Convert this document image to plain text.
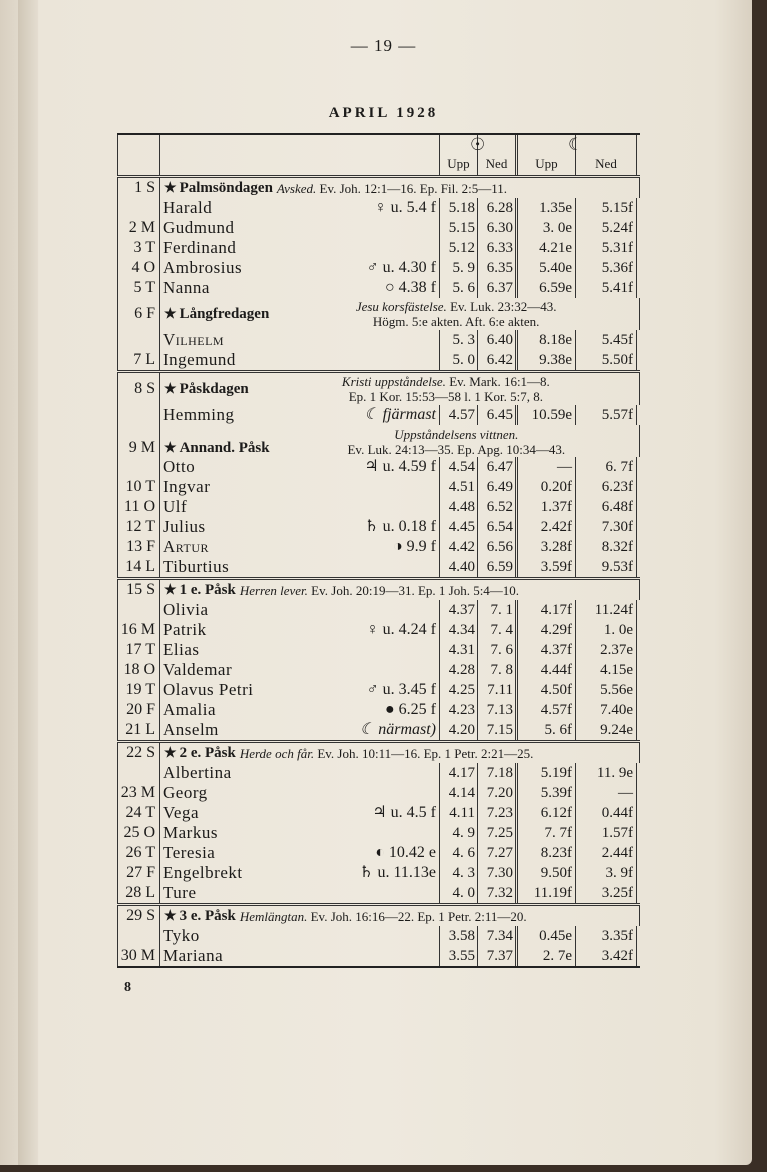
— 19 —
APRIL 1928
☉
Upp	Ned
☾
Upp	Ned
1 S ★ Palmsöndagen Avsked. Ev. Joh. 12:1—16. Ep. Fil. 2:5—11.
Harald	♀ u. 5.4 f 5.18 6.28	1.35e	5.15f
2 M Gudmund	5.15 6.30	3. 0e	5.24f
3 T Ferdinand	5.12 6.33	4.21e	5.31f
4 O Ambrosius	♂ u. 4.30 f	5. 9 6.35	5.40e	5.36f
5 T Nanna	○ 4.38 f	5. 6 6.37	6.59e	5.41f
6 F ★ Långfredagen	Jesu korsfästelse. Ev. Luk. 23:32—43.
Högm. 5:e akten. Aft. 6:e akten.
Vilhelm	5. 3 6.40	8.18e	5.45f
7 L Ingemund	5. 0 6.42	9.38e	5.50f
8 S ★ Påskdagen	Kristi uppståndelse. Ev. Mark. 16:1—8.
Ep. 1 Kor. 15:53—58 l. 1 Kor. 5:7, 8.
Hemming	☾ fjärmast 4.57 6.45	10.59e	5.57f
9 M ★ Annand. Påsk
Uppståndelsens vittnen.
Ev. Luk. 24:13—35. Ep. Apg. 10:34—43.
Otto	♃ u. 4.59 f 4.54 6.47	—	6. 7f
10 T Ingvar	4.51 6.49	0.20f	6.23f
11 O Ulf	4.48 6.52	1.37f	6.48f
12 T Julius	♄ u. 0.18 f 4.45 6.54	2.42f	7.30f
13 F Artur	◑ 9.9 f 4.42 6.56	3.28f	8.32f
14 L Tiburtius	4.40 6.59	3.59f	9.53f
15 S ★ 1 e. Påsk Herren lever. Ev. Joh. 20:19—31. Ep. 1 Joh. 5:4—10.
Olivia	4.37	7. 1	4.17f	11.24f
16 M Patrik	♀ u. 4.24 f 4.34	7. 4	4.29f	1. 0e
17 T Elias	4.31	7. 6	4.37f	2.37e
18 O Valdemar	4.28	7. 8	4.44f	4.15e
19 T Olavus Petri	♂ u. 3.45 f 4.25 7.11	4.50f	5.56e
20 F Amalia	● 6.25 f 4.23 7.13	4.57f	7.40e
21 L Anselm	☾ närmast) 4.20 7.15	5. 6f	9.24e
22 S ★ 2 e. Påsk Herde och får. Ev. Joh. 10:11—16. Ep. 1 Petr. 2:21—25.
Albertina	4.17 7.18	5.19f	11. 9e
23 M Georg	4.14 7.20	5.39f	—
24 T Vega	♃ u. 4.5 f 4.11 7.23	6.12f	0.44f
25 O Markus	4. 9 7.25	7. 7f	1.57f
26 T Teresia	◐ 10.42 e	4. 6 7.27	8.23f	2.44f
27 F Engelbrekt	♄ u. 11.13e	4. 3 7.30	9.50f	3. 9f
28 L Ture	4. 0 7.32	11.19f	3.25f
29 S ★ 3 e. Påsk Hemlängtan. Ev. Joh. 16:16—22. Ep. 1 Petr. 2:11—20.
Tyko	3.58 7.34	0.45e	3.35f
30 M Mariana	3.55 7.37	2. 7e	3.42f
8
